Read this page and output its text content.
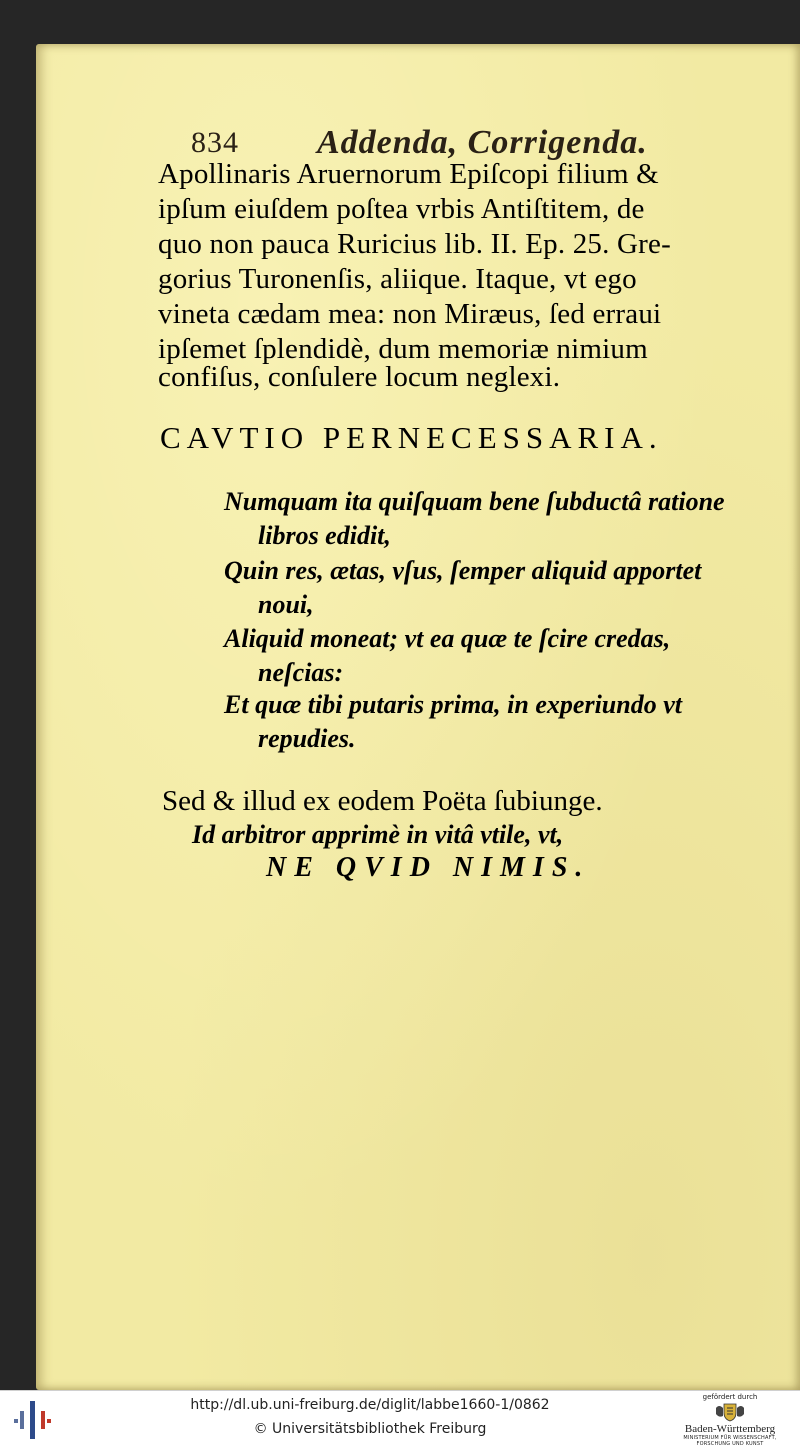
834 Addenda, Corrigenda.
Apollinaris Aruernorum Epiſcopi filium &
ipſum eiuſdem poſtea vrbis Antiſtitem, de
quo non pauca Ruricius lib. II. Ep. 25. Gre-
gorius Turonenſis, aliique. Itaque, vt ego
vineta cædam mea: non Miræus, ſed erraui
ipſemet ſplendidè, dum memoriæ nimium
confiſus, conſulere locum neglexi.
CAVTIO PERNECESSARIA.
Numquam ita quiſquam bene ſubductâ ratione
libros edidit,
Quin res, ætas, vſus, ſemper aliquid apportet
noui,
Aliquid moneat; vt ea quæ te ſcire credas,
neſcias:
Et quæ tibi putaris prima, in experiundo vt
repudies.
Sed & illud ex eodem Poëta ſubiunge.
Id arbitror apprimè in vitâ vtile, vt,
NE QVID NIMIS.
http://dl.ub.uni-freiburg.de/diglit/labbe1660-1/0862
© Universitätsbibliothek Freiburg
gefördert durch
Baden-Württemberg
MINISTERIUM FÜR WISSENSCHAFT, FORSCHUNG UND KUNST
